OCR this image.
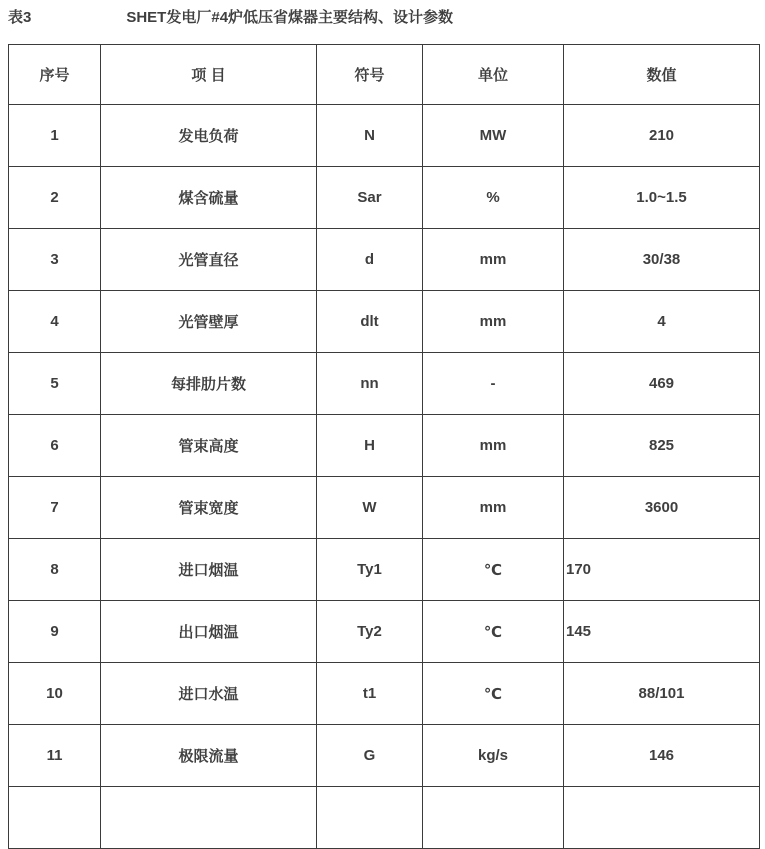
表3	SHET发电厂#4炉低压省煤器主要结构、设计参数
序号	项 目	符号	单位	数值
1	发电负荷	N	MW	210
2	煤含硫量	Sar	%	1.0~1.5
3	光管直径	d	mm	30/38
4	光管壁厚	dlt	mm	4
5	每排肋片数	nn	-	469
6	管束高度	H	mm	825
7	管束宽度	W	mm	3600
8	进口烟温	Ty1	℃	170
9	出口烟温	Ty2	℃	145
10	进口水温	t1	℃	88/101
11	极限流量	G	kg/s	146
